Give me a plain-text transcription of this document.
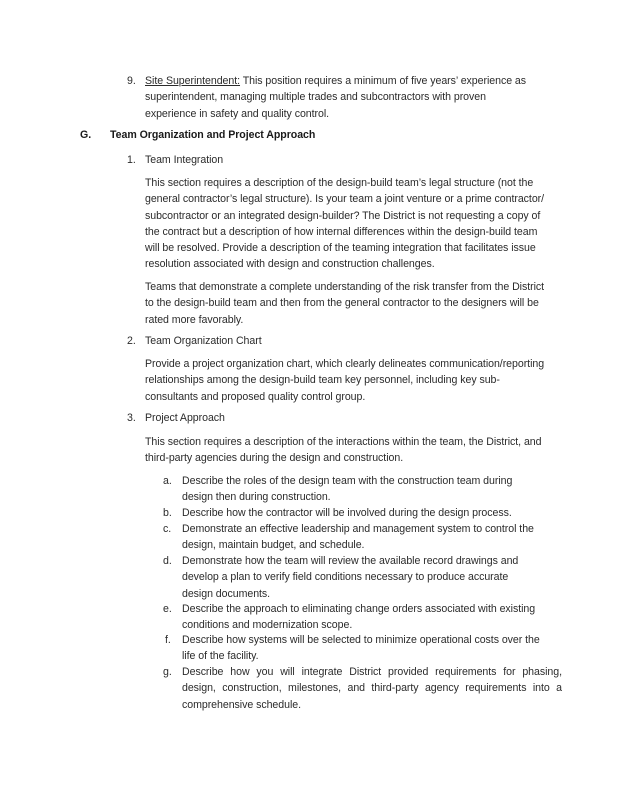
9. Site Superintendent: This position requires a minimum of five years’ experience as
superintendent, managing multiple trades and subcontractors with proven
experience in safety and quality control.
G. Team Organization and Project Approach
1. Team Integration
This section requires a description of the design-build team’s legal structure (not the
general contractor’s legal structure). Is your team a joint venture or a prime contractor/
subcontractor or an integrated design-builder? The District is not requesting a copy of
the contract but a description of how internal differences within the design-build team
will be resolved. Provide a description of the teaming integration that facilitates issue
resolution associated with design and construction challenges.
Teams that demonstrate a complete understanding of the risk transfer from the District
to the design-build team and then from the general contractor to the designers will be
rated more favorably.
2. Team Organization Chart
Provide a project organization chart, which clearly delineates communication/reporting
relationships among the design-build team key personnel, including key sub-
consultants and proposed quality control group.
3. Project Approach
This section requires a description of the interactions within the team, the District, and
third-party agencies during the design and construction.
a. Describe the roles of the design team with the construction team during
design then during construction.
b. Describe how the contractor will be involved during the design process.
c. Demonstrate an effective leadership and management system to control the
design, maintain budget, and schedule.
d. Demonstrate how the team will review the available record drawings and
develop a plan to verify field conditions necessary to produce accurate
design documents.
e. Describe the approach to eliminating change orders associated with existing
conditions and modernization scope.
f. Describe how systems will be selected to minimize operational costs over the
life of the facility.
g. Describe how you will integrate District provided requirements for phasing,
design, construction, milestones, and third-party agency requirements into a
comprehensive schedule.
